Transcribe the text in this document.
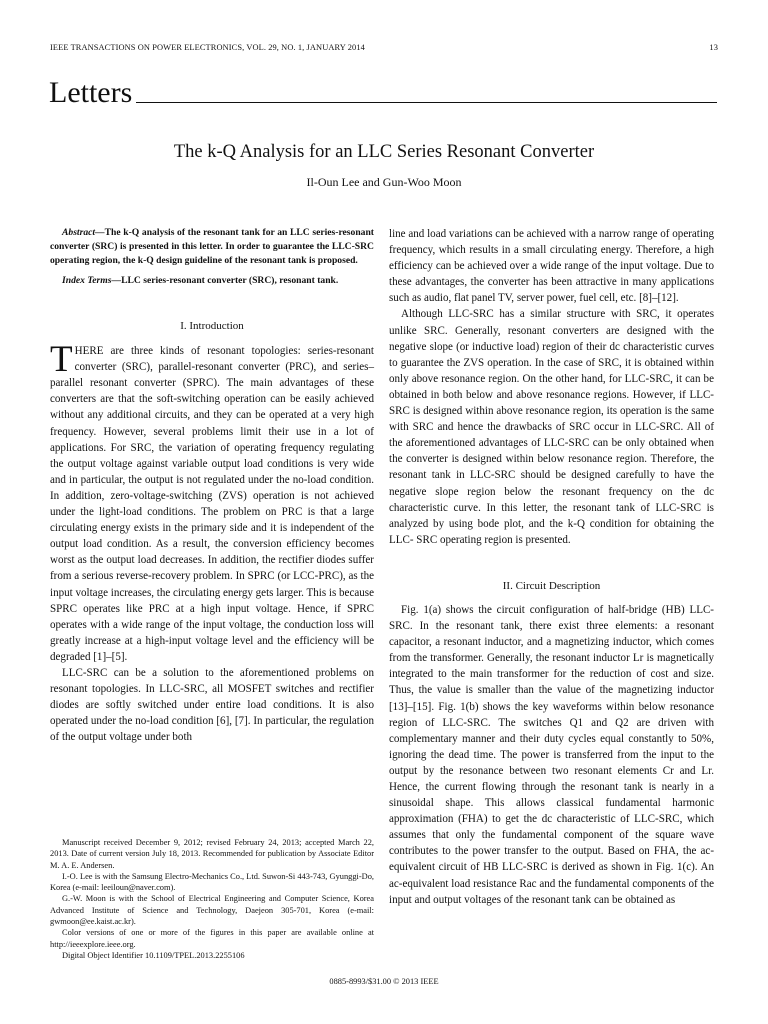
IEEE TRANSACTIONS ON POWER ELECTRONICS, VOL. 29, NO. 1, JANUARY 2014	13
Letters
The k-Q Analysis for an LLC Series Resonant Converter
Il-Oun Lee and Gun-Woo Moon

Abstract—The k-Q analysis of the resonant tank for an LLC series-resonant converter (SRC) is presented in this letter. In order to guarantee the LLC-SRC operating region, the k-Q design guideline of the resonant tank is proposed.

Index Terms—LLC series-resonant converter (SRC), resonant tank.

I. Introduction

THERE are three kinds of resonant topologies: series-resonant converter (SRC), parallel-resonant converter (PRC), and series–parallel resonant converter (SPRC). The main advantages of these converters are that the soft-switching operation can be easily achieved without any additional circuits, and they can be operated at a very high frequency. However, several problems limit their use in a lot of applications. For SRC, the variation of operating frequency regulating the output voltage against variable output load conditions is very wide and in particular, the output is not regulated under the no-load condition. In addition, zero-voltage-switching (ZVS) operation is not achieved under the light-load conditions. The problem on PRC is that a large circulating energy exists in the primary side and it is independent of the output load condition. As a result, the conversion efficiency becomes worst as the output load decreases. In addition, the rectifier diodes suffer from a serious reverse-recovery problem. In SPRC (or LCC-PRC), as the input voltage increases, the circulating energy gets larger. This is because SPRC operates like PRC at a high input voltage. Hence, if SPRC operates with a wide range of the input voltage, the conduction loss will greatly increase at a high-input voltage level and the efficiency will be degraded [1]–[5].

LLC-SRC can be a solution to the aforementioned problems on resonant topologies. In LLC-SRC, all MOSFET switches and rectifier diodes are softly switched under entire load conditions. It is also operated under the no-load condition [6], [7]. In particular, the regulation of the output voltage under both

Manuscript received December 9, 2012; revised February 24, 2013; accepted March 22, 2013. Date of current version July 18, 2013. Recommended for publication by Associate Editor M. A. E. Andersen.

I.-O. Lee is with the Samsung Electro-Mechanics Co., Ltd. Suwon-Si 443-743, Gyunggi-Do, Korea (e-mail: leeiloun@naver.com).

G.-W. Moon is with the School of Electrical Engineering and Computer Science, Korea Advanced Institute of Science and Technology, Daejeon 305-701, Korea (e-mail: gwmoon@ee.kaist.ac.kr).

Color versions of one or more of the figures in this paper are available online at http://ieeexplore.ieee.org.

Digital Object Identifier 10.1109/TPEL.2013.2255106

line and load variations can be achieved with a narrow range of operating frequency, which results in a small circulating energy. Therefore, a high efficiency can be achieved over a wide range of the input voltage. Due to these advantages, the converter has been attractive in many applications such as audio, flat panel TV, server power, fuel cell, etc. [8]–[12].

Although LLC-SRC has a similar structure with SRC, it operates unlike SRC. Generally, resonant converters are designed with the negative slope (or inductive load) region of their dc characteristic curves to guarantee the ZVS operation. In the case of SRC, it is obtained within only above resonance region. On the other hand, for LLC-SRC, it can be obtained in both below and above resonance regions. However, if LLC-SRC is designed within above resonance region, its operation is the same with SRC and hence the drawbacks of SRC occur in LLC-SRC. All of the aforementioned advantages of LLC-SRC can be only obtained when the converter is designed within below resonance region. Therefore, the resonant tank in LLC-SRC should be designed carefully to have the negative slope region below the resonant frequency on the dc characteristic curve. In this letter, the resonant tank of LLC-SRC is analyzed by using bode plot, and the k-Q condition for obtaining the LLC- SRC operating region is presented.

II. Circuit Description

Fig. 1(a) shows the circuit configuration of half-bridge (HB) LLC-SRC. In the resonant tank, there exist three elements: a resonant capacitor, a resonant inductor, and a magnetizing inductor, which comes from the transformer. Generally, the resonant inductor Lr is magnetically integrated to the main transformer for the reduction of cost and size. Thus, the value is smaller than the value of the magnetizing inductor [13]–[15]. Fig. 1(b) shows the key waveforms within below resonance region of LLC-SRC. The switches Q1 and Q2 are driven with complementary manner and their duty cycles equal constantly to 50%, ignoring the dead time. The power is transferred from the input to the output by the resonance between two resonant elements Cr and Lr. Hence, the current flowing through the resonant tank is nearly in a sinusoidal shape. This allows classical fundamental harmonic approximation (FHA) to get the dc characteristic of LLC-SRC, which assumes that only the fundamental component of the square wave contributes to the power transfer to the output. Based on FHA, the ac-equivalent circuit of HB LLC-SRC is derived as shown in Fig. 1(c). An ac-equivalent load resistance Rac and the fundamental components of the input and output voltages of the resonant tank can be obtained as

0885-8993/$31.00 © 2013 IEEE
